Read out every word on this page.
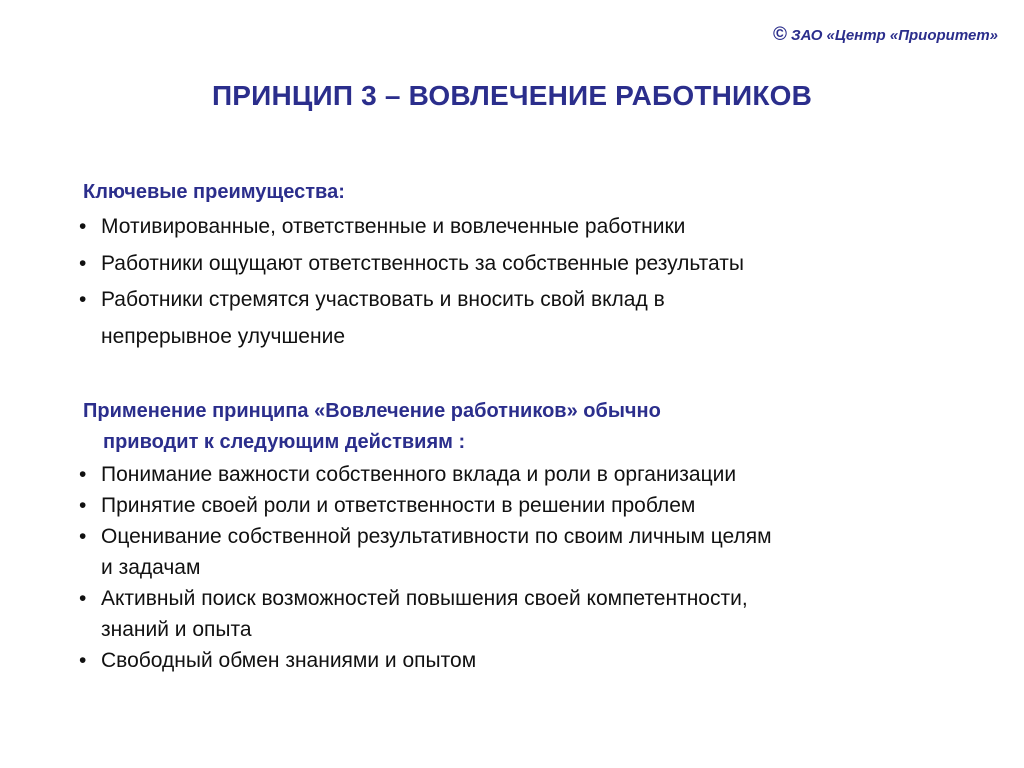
© ЗАО «Центр «Приоритет»
ПРИНЦИП 3 – ВОВЛЕЧЕНИЕ РАБОТНИКОВ
Ключевые преимущества:
• Мотивированные, ответственные и вовлеченные работники
• Работники ощущают ответственность за собственные результаты
• Работники стремятся участвовать и вносить свой вклад в
непрерывное улучшение
Применение принципа «Вовлечение работников» обычно
приводит к следующим действиям :
• Понимание важности собственного вклада и роли в организации
• Принятие своей роли и ответственности в решении проблем
• Оценивание собственной результативности по своим личным целям
и задачам
• Активный поиск возможностей повышения своей компетентности,
знаний и опыта
• Свободный обмен знаниями и опытом
